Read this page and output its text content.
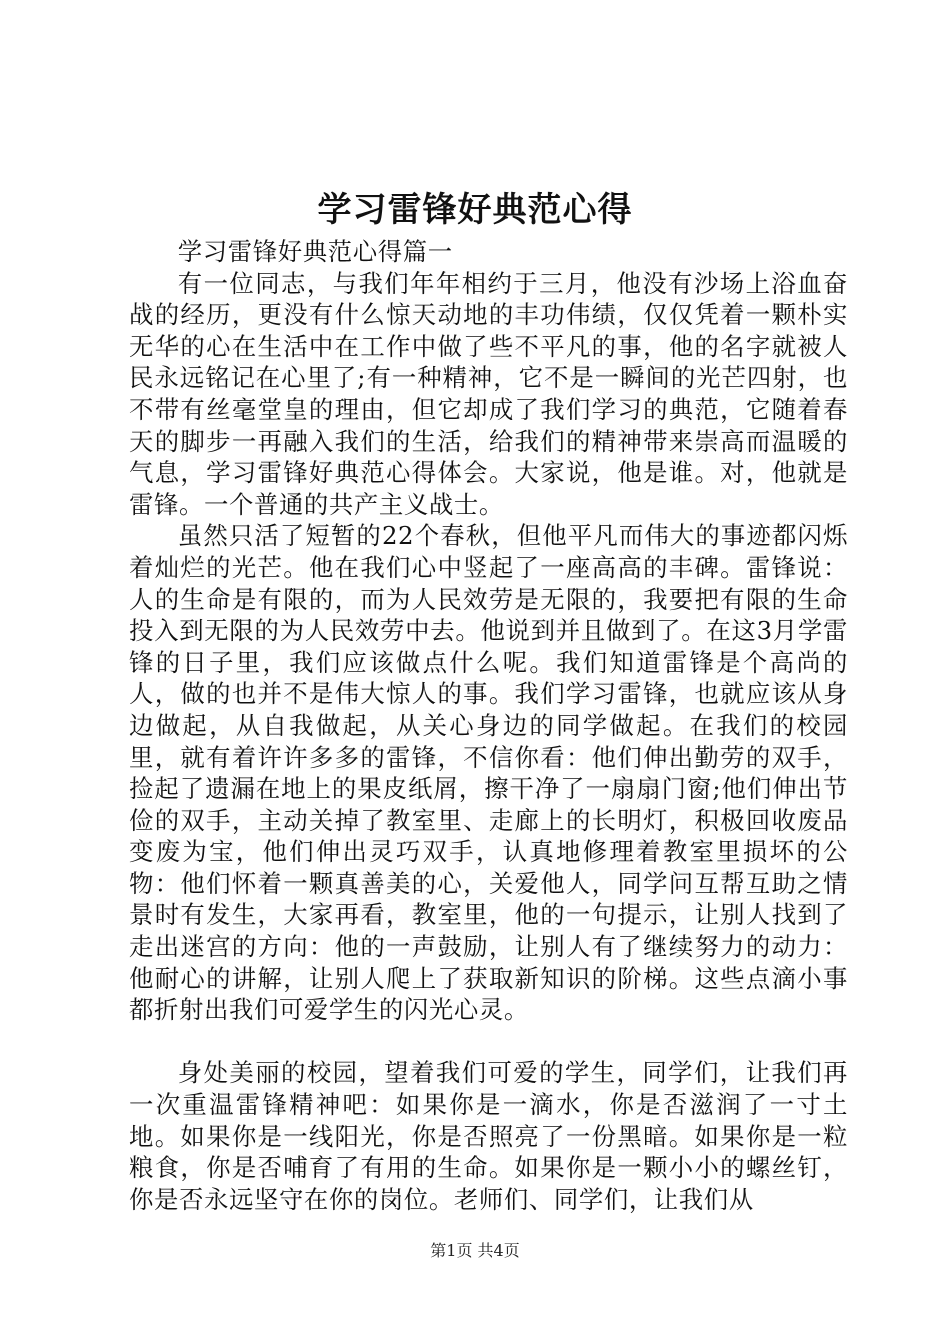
学习雷锋好典范心得

学习雷锋好典范心得篇一

有一位同志，与我们年年相约于三月，他没有沙场上浴血奋战的经历，更没有什么惊天动地的丰功伟绩，仅仅凭着一颗朴实无华的心在生活中在工作中做了些不平凡的事，他的名字就被人民永远铭记在心里了;有一种精神，它不是一瞬间的光芒四射，也不带有丝毫堂皇的理由，但它却成了我们学习的典范，它随着春天的脚步一再融入我们的生活，给我们的精神带来崇高而温暖的气息，学习雷锋好典范心得体会。大家说，他是谁。对，他就是雷锋。一个普通的共产主义战士。

虽然只活了短暂的22个春秋，但他平凡而伟大的事迹都闪烁着灿烂的光芒。他在我们心中竖起了一座高高的丰碑。雷锋说：人的生命是有限的，而为人民效劳是无限的，我要把有限的生命投入到无限的为人民效劳中去。他说到并且做到了。在这3月学雷锋的日子里，我们应该做点什么呢。我们知道雷锋是个高尚的人，做的也并不是伟大惊人的事。我们学习雷锋，也就应该从身边做起，从自我做起，从关心身边的同学做起。在我们的校园里，就有着许许多多的雷锋，不信你看：他们伸出勤劳的双手，捡起了遗漏在地上的果皮纸屑，擦干净了一扇扇门窗;他们伸出节俭的双手，主动关掉了教室里、走廊上的长明灯，积极回收废品变废为宝，他们伸出灵巧双手，认真地修理着教室里损坏的公物：他们怀着一颗真善美的心，关爱他人，同学问互帮互助之情景时有发生，大家再看，教室里，他的一句提示，让别人找到了走出迷宫的方向：他的一声鼓励，让别人有了继续努力的动力：他耐心的讲解，让别人爬上了获取新知识的阶梯。这些点滴小事都折射出我们可爱学生的闪光心灵。

身处美丽的校园，望着我们可爱的学生，同学们，让我们再一次重温雷锋精神吧：如果你是一滴水，你是否滋润了一寸土地。如果你是一线阳光，你是否照亮了一份黑暗。如果你是一粒粮食，你是否哺育了有用的生命。如果你是一颗小小的螺丝钉，你是否永远坚守在你的岗位。老师们、同学们，让我们从

第1页 共4页
